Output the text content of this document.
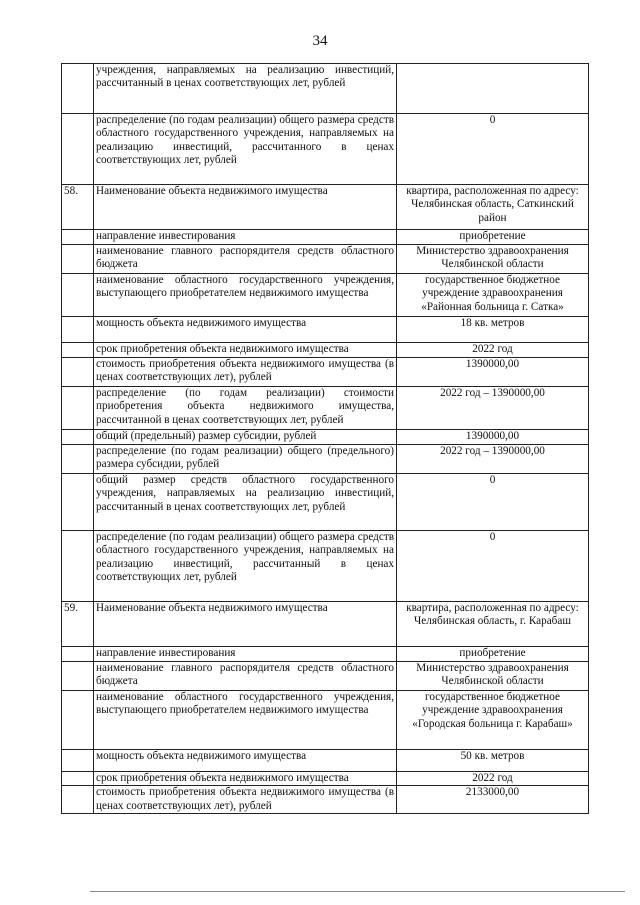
34
	учреждения, направляемых на реализацию инвестиций, рассчитанный в ценах соответствующих лет, рублей	
	распределение (по годам реализации) общего размера средств областного государственного учреждения, направляемых на реализацию инвестиций, рассчитанного в ценах соответствующих лет, рублей	0
58.	Наименование объекта недвижимого имущества	квартира, расположенная по адресу: Челябинская область, Саткинский район
	направление инвестирования	приобретение
	наименование главного распорядителя средств областного бюджета	Министерство здравоохранения Челябинской области
	наименование областного государственного учреждения, выступающего приобретателем недвижимого имущества	государственное бюджетное учреждение здравоохранения «Районная больница г. Сатка»
	мощность объекта недвижимого имущества	18 кв. метров
	срок приобретения объекта недвижимого имущества	2022 год
	стоимость приобретения объекта недвижимого имущества (в ценах соответствующих лет), рублей	1390000,00
	распределение (по годам реализации) стоимости приобретения объекта недвижимого имущества, рассчитанной в ценах соответствующих лет, рублей	2022 год – 1390000,00
	общий (предельный) размер субсидии, рублей	1390000,00
	распределение (по годам реализации) общего (предельного) размера субсидии, рублей	2022 год – 1390000,00
	общий размер средств областного государственного учреждения, направляемых на реализацию инвестиций, рассчитанный в ценах соответствующих лет, рублей	0
	распределение (по годам реализации) общего размера средств областного государственного учреждения, направляемых на реализацию инвестиций, рассчитанный в ценах соответствующих лет, рублей	0
59.	Наименование объекта недвижимого имущества	квартира, расположенная по адресу: Челябинская область, г. Карабаш
	направление инвестирования	приобретение
	наименование главного распорядителя средств областного бюджета	Министерство здравоохранения Челябинской области
	наименование областного государственного учреждения, выступающего приобретателем недвижимого имущества	государственное бюджетное учреждение здравоохранения «Городская больница г. Карабаш»
	мощность объекта недвижимого имущества	50 кв. метров
	срок приобретения объекта недвижимого имущества	2022 год
	стоимость приобретения объекта недвижимого имущества (в ценах соответствующих лет), рублей	2133000,00
